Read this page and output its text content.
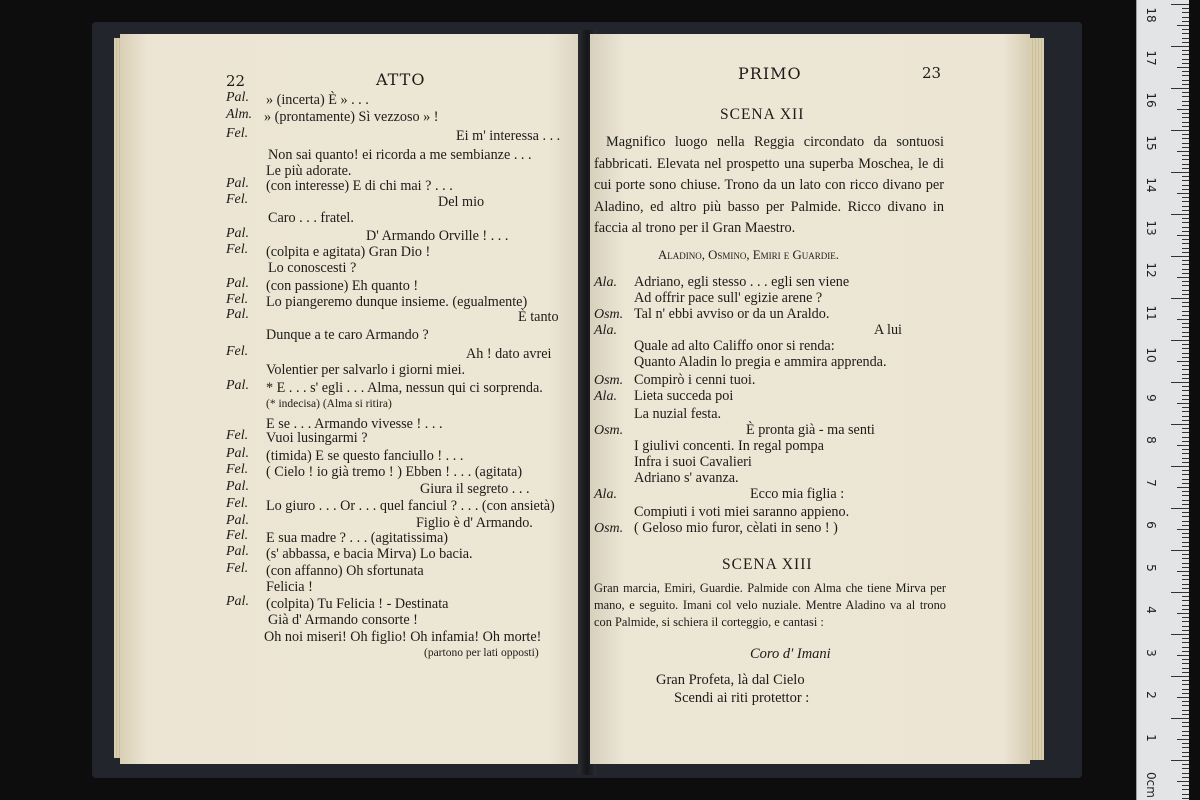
22	ATTO
Pal. » (incerta) È » . . .
Alm. » (prontamente) Sì vezzoso » !
Fel.	Ei m' interessa . . .
Non sai quanto! ei ricorda a me sembianze . . .
Le più adorate.
Pal. (con interesse) E di chi mai ? . . .
Fel.	Del mio
Caro . . . fratel.
Pal.	D' Armando Orville ! . . .
Fel. (colpita e agitata) Gran Dio !
Lo conoscesti ?
Pal. (con passione) Eh quanto !
Fel. Lo piangeremo dunque insieme. (egualmente)
Pal.	È tanto
Dunque a te caro Armando ?
Fel.	Ah ! dato avrei
Volentier per salvarlo i giorni miei.
Pal. * E . . . s' egli . . . Alma, nessun qui ci sorprenda.
(* indecisa) (Alma si ritira)
E se . . . Armando vivesse ! . . .
Fel. Vuoi lusingarmi ?
Pal. (timida) E se questo fanciullo ! . . .
Fel. ( Cielo ! io già tremo ! ) Ebben ! . . . (agitata)
Pal.	Giura il segreto . . .
Fel. Lo giuro . . . Or . . . quel fanciul ? . . . (con ansietà)
Pal.	Figlio è d' Armando.
Fel. E sua madre ? . . . (agitatissima)
Pal. (s' abbassa, e bacia Mirva) Lo bacia.
Fel. (con affanno) Oh sfortunata
Felicia !
Pal. (colpita) Tu Felicia ! - Destinata
Già d' Armando consorte !
Oh noi miseri! Oh figlio! Oh infamia! Oh morte!
(partono per lati opposti)
PRIMO	23
SCENA XII
Magnifico luogo nella Reggia circondato da sontuosi fabbricati. Elevata nel prospetto una superba Moschea, le di cui porte sono chiuse. Trono da un lato con ricco divano per Aladino, ed altro più basso per Palmide. Ricco divano in faccia al trono per il Gran Maestro.
Aladino, Osmino, Emiri e Guardie.
Ala. Adriano, egli stesso . . . egli sen viene
Ad offrir pace sull' egizie arene ?
Osm. Tal n' ebbi avviso or da un Araldo.
Ala.	A lui
Quale ad alto Califfo onor si renda:
Quanto Aladin lo pregia e ammira apprenda.
Osm. Compirò i cenni tuoi.
Ala. Lieta succeda poi
La nuzial festa.
Osm.	È pronta già - ma senti
I giulivi concenti. In regal pompa
Infra i suoi Cavalieri
Adriano s' avanza.
Ala.	Ecco mia figlia :
Compiuti i voti miei saranno appieno.
Osm. ( Geloso mio furor, cèlati in seno ! )
SCENA XIII
Gran marcia, Emiri, Guardie. Palmide con Alma che tiene Mirva per mano, e seguito. Imani col velo nuziale. Mentre Aladino va al trono con Palmide, si schiera il corteggio, e cantasi :
Coro d' Imani
Gran Profeta, là dal Cielo
Scendi ai riti protettor :
18
17
16
15
14
13
12
11
10
9
8
7
6
5
4
3
2
1
0cm
